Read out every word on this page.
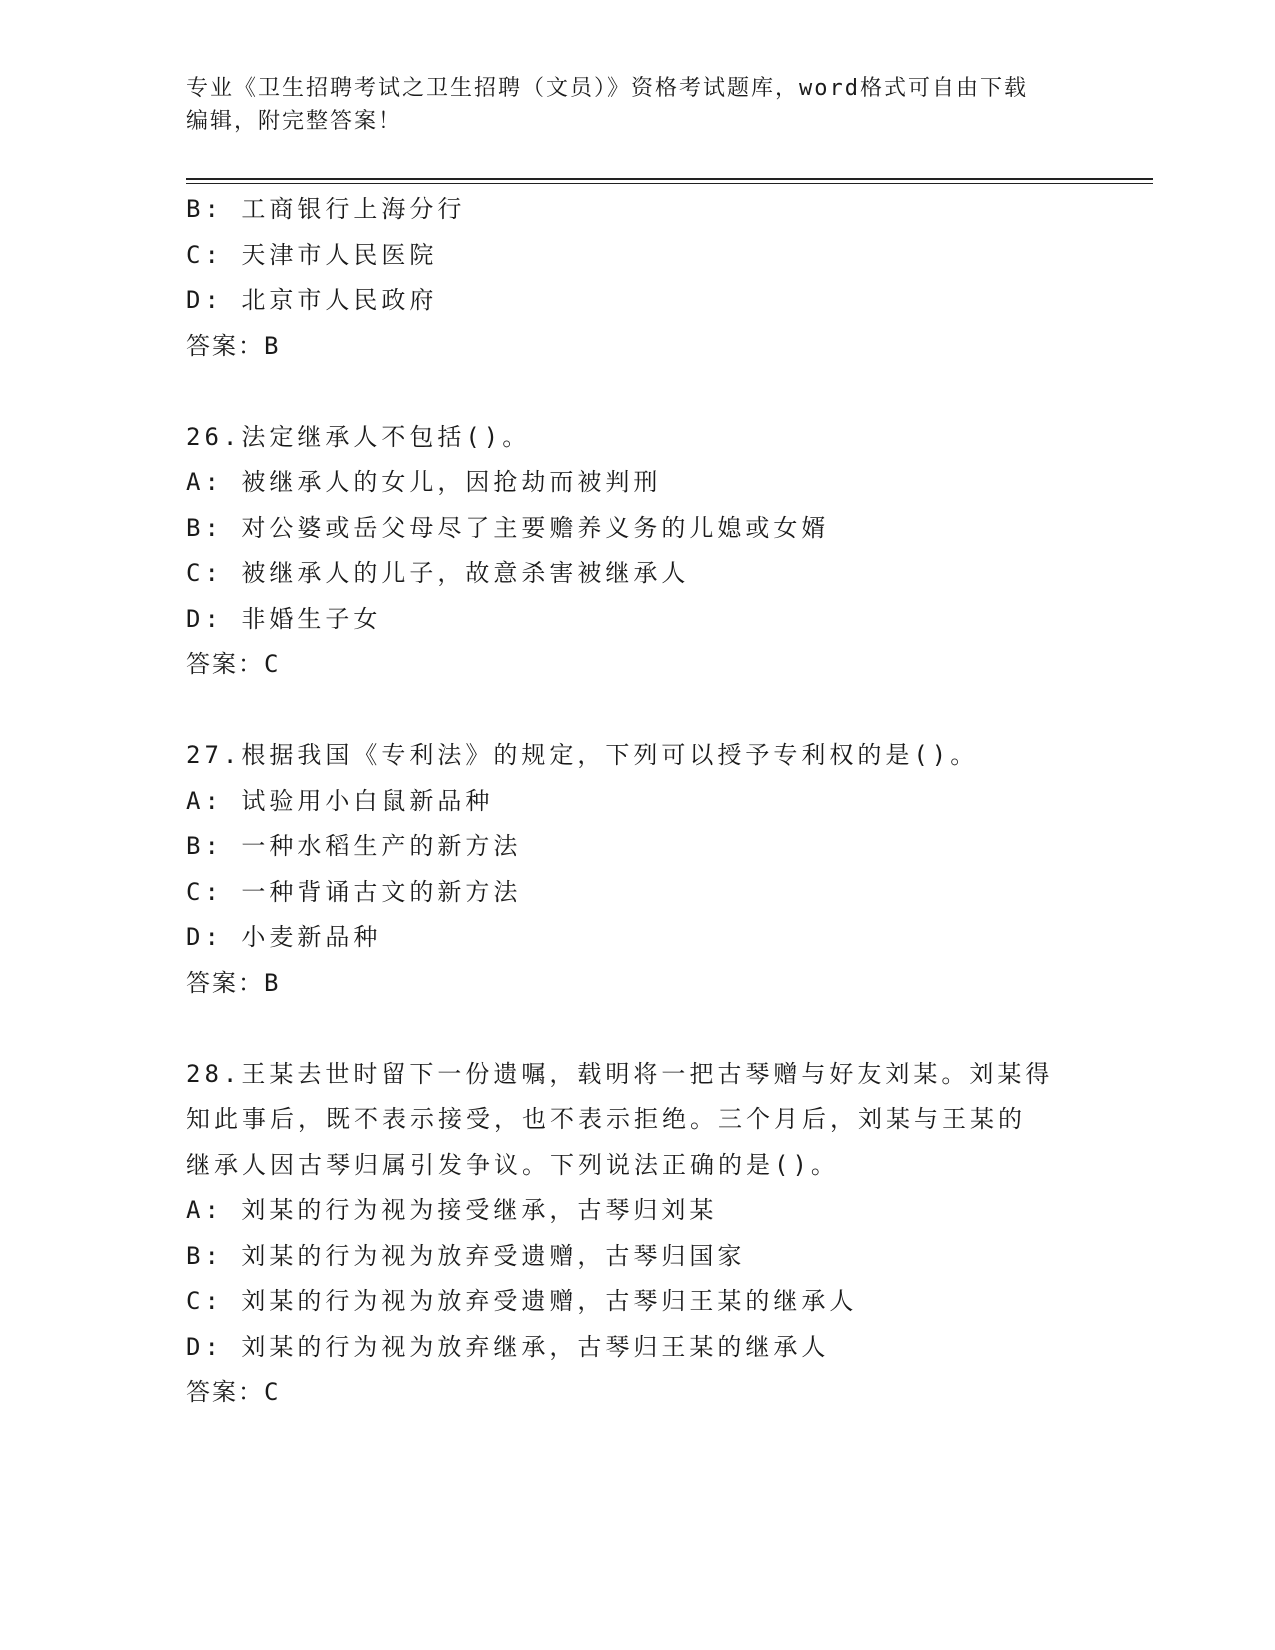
专业《卫生招聘考试之卫生招聘（文员）》资格考试题库，word格式可自由下载
编辑，附完整答案！
B: 工商银行上海分行
C: 天津市人民医院
D: 北京市人民政府
答案：B
26.法定继承人不包括()。
A: 被继承人的女儿，因抢劫而被判刑
B: 对公婆或岳父母尽了主要赡养义务的儿媳或女婿
C: 被继承人的儿子，故意杀害被继承人
D: 非婚生子女
答案：C
27.根据我国《专利法》的规定，下列可以授予专利权的是()。
A: 试验用小白鼠新品种
B: 一种水稻生产的新方法
C: 一种背诵古文的新方法
D: 小麦新品种
答案：B
28.王某去世时留下一份遗嘱，载明将一把古琴赠与好友刘某。刘某得
知此事后，既不表示接受，也不表示拒绝。三个月后，刘某与王某的
继承人因古琴归属引发争议。下列说法正确的是()。
A: 刘某的行为视为接受继承，古琴归刘某
B: 刘某的行为视为放弃受遗赠，古琴归国家
C: 刘某的行为视为放弃受遗赠，古琴归王某的继承人
D: 刘某的行为视为放弃继承，古琴归王某的继承人
答案：C
